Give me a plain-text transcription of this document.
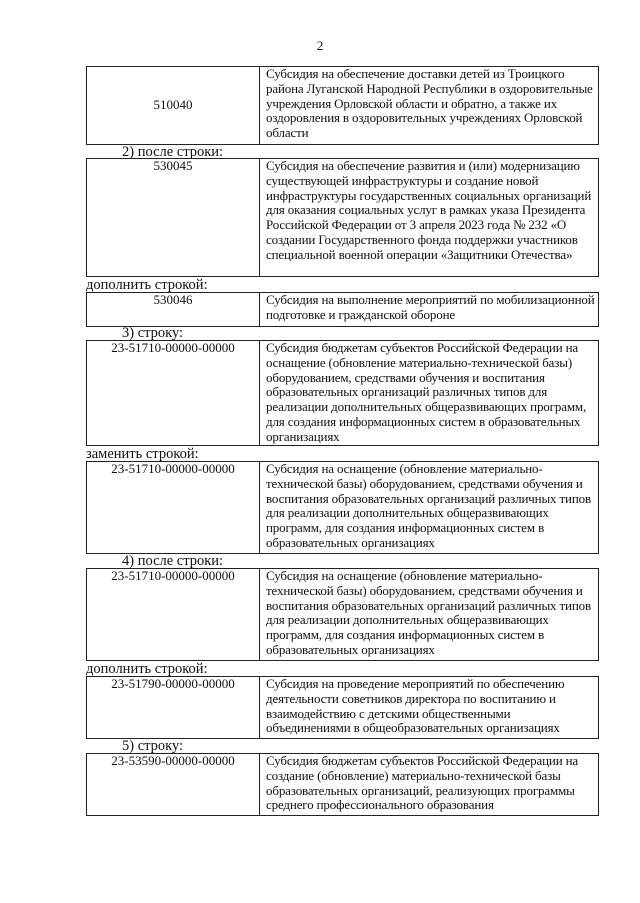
2
510040	Субсидия на обеспечение доставки детей из Троицкого района Луганской Народной Республики в оздоровительные учреждения Орловской области и обратно, а также их оздоровления в оздоровительных учреждениях Орловской области
2) после строки:
530045	Субсидия на обеспечение развития и (или) модернизацию существующей инфраструктуры и создание новой инфраструктуры государственных социальных организаций для оказания социальных услуг в рамках указа Президента Российской Федерации от 3 апреля 2023 года № 232 «О создании Государственного фонда поддержки участников специальной военной операции «Защитники Отечества»
дополнить строкой:
530046	Субсидия на выполнение мероприятий по мобилизационной подготовке и гражданской обороне
3) строку:
23-51710-00000-00000	Субсидия бюджетам субъектов Российской Федерации на оснащение (обновление материально-технической базы) оборудованием, средствами обучения и воспитания образовательных организаций различных типов для реализации дополнительных общеразвивающих программ, для создания информационных систем в образовательных организациях
заменить строкой:
23-51710-00000-00000	Субсидия на оснащение (обновление материально-технической базы) оборудованием, средствами обучения и воспитания образовательных организаций различных типов для реализации дополнительных общеразвивающих программ, для создания информационных систем в образовательных организациях
4) после строки:
23-51710-00000-00000	Субсидия на оснащение (обновление материально-технической базы) оборудованием, средствами обучения и воспитания образовательных организаций различных типов для реализации дополнительных общеразвивающих программ, для создания информационных систем в образовательных организациях
дополнить строкой:
23-51790-00000-00000	Субсидия на проведение мероприятий по обеспечению деятельности советников директора по воспитанию и взаимодействию с детскими общественными объединениями в общеобразовательных организациях
5) строку:
23-53590-00000-00000	Субсидия бюджетам субъектов Российской Федерации на создание (обновление) материально-технической базы образовательных организаций, реализующих программы среднего профессионального образования
